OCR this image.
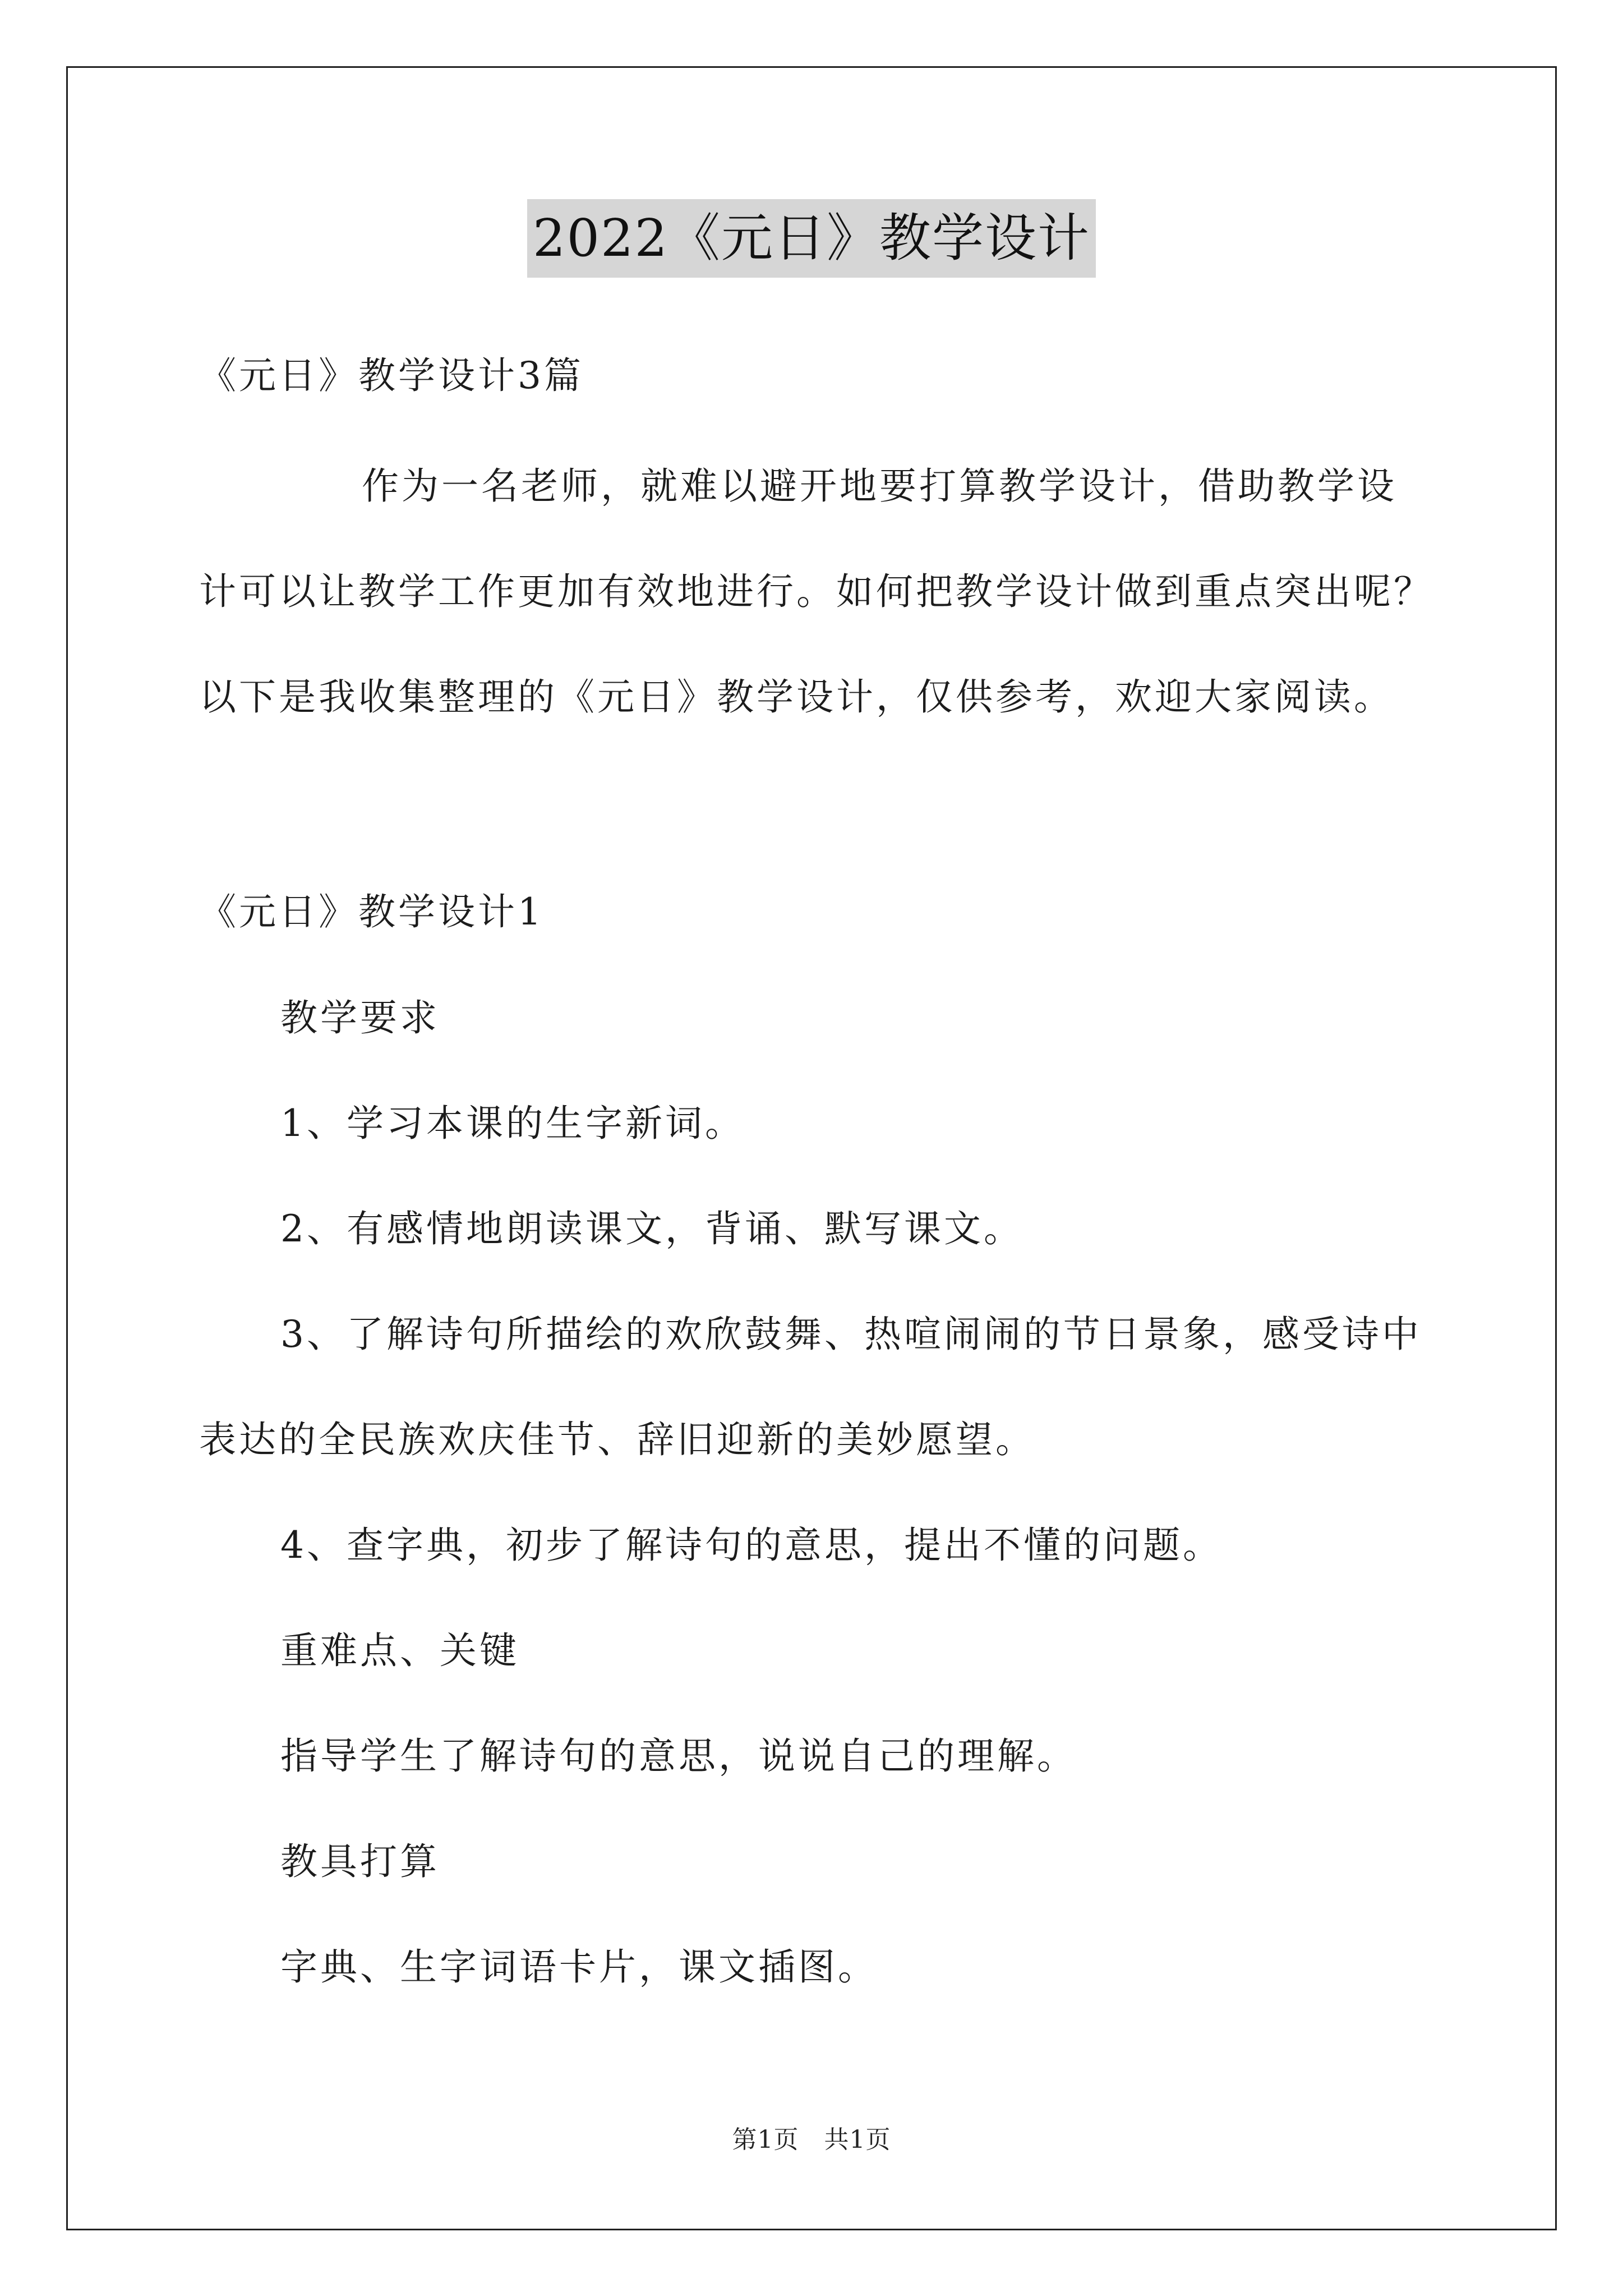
2022《元日》教学设计
《元日》教学设计3篇
作为一名老师，就难以避开地要打算教学设计，借助教学设
计可以让教学工作更加有效地进行。如何把教学设计做到重点突出呢？
以下是我收集整理的《元日》教学设计，仅供参考，欢迎大家阅读。
《元日》教学设计1
教学要求
1、学习本课的生字新词。
2、有感情地朗读课文，背诵、默写课文。
3、了解诗句所描绘的欢欣鼓舞、热喧闹闹的节日景象，感受诗中
表达的全民族欢庆佳节、辞旧迎新的美妙愿望。
4、查字典，初步了解诗句的意思，提出不懂的问题。
重难点、关键
指导学生了解诗句的意思，说说自己的理解。
教具打算
字典、生字词语卡片，课文插图。
第1页　共1页
